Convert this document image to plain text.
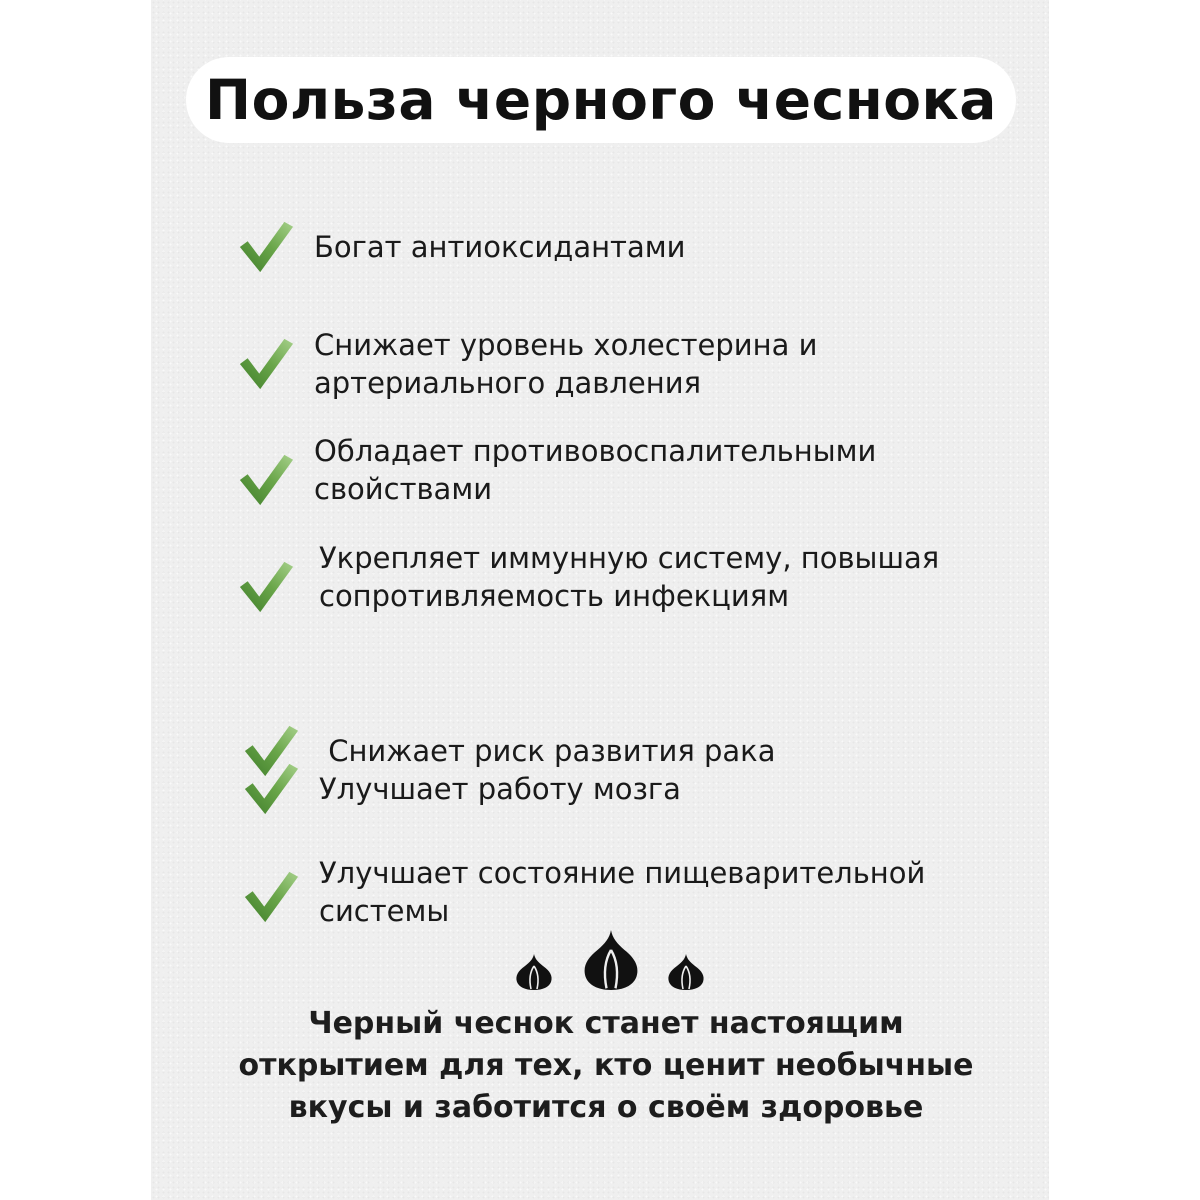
Польза черного чеснока
Богат антиоксидантами
Снижает уровень холестерина и
артериального давления
Обладает противовоспалительными
свойствами
Укрепляет иммунную систему, повышая
сопротивляемость инфекциям

Снижает риск развития рака

Улучшает работу мозга
Улучшает состояние пищеварительной
системы
Черный чеснок станет настоящим
открытием для тех, кто ценит необычные
вкусы и заботится о своём здоровье
